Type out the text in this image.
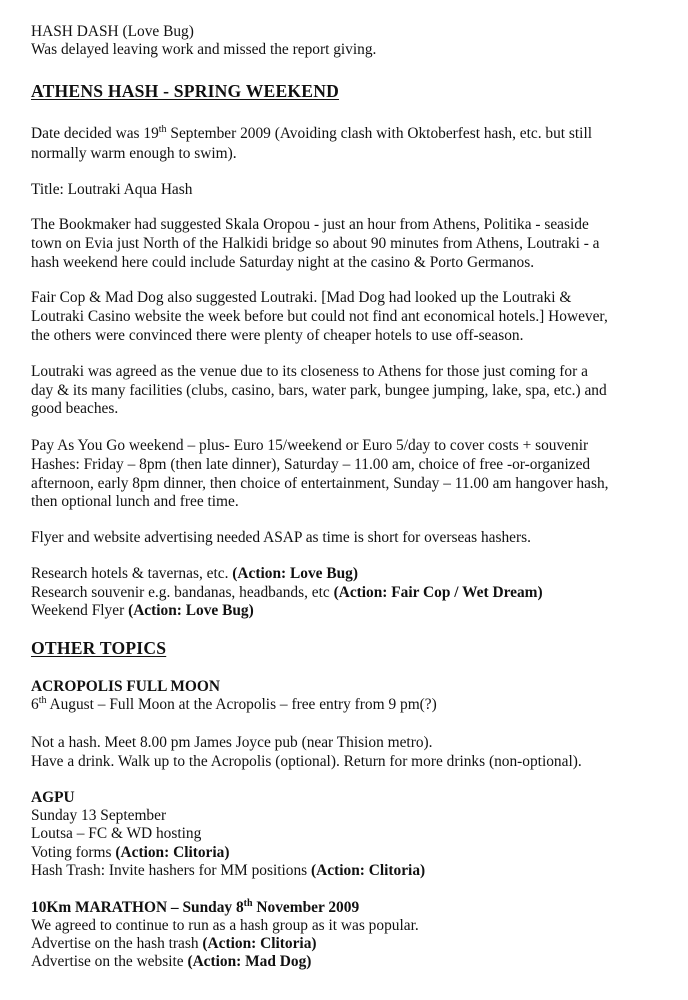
HASH DASH (Love Bug)
Was delayed leaving work and missed the report giving.
ATHENS HASH - SPRING WEEKEND
Date decided was 19th September 2009 (Avoiding clash with Oktoberfest hash, etc. but still
normally warm enough to swim).
Title: Loutraki Aqua Hash
The Bookmaker had suggested Skala Oropou - just an hour from Athens, Politika - seaside
town on Evia just North of the Halkidi bridge so about 90 minutes from Athens, Loutraki - a
hash weekend here could include Saturday night at the casino & Porto Germanos.
Fair Cop & Mad Dog also suggested Loutraki. [Mad Dog had looked up the Loutraki &
Loutraki Casino website the week before but could not find ant economical hotels.] However,
the others were convinced there were plenty of cheaper hotels to use off-season.
Loutraki was agreed as the venue due to its closeness to Athens for those just coming for a
day & its many facilities (clubs, casino, bars, water park, bungee jumping, lake, spa, etc.) and
good beaches.
Pay As You Go weekend – plus- Euro 15/weekend or Euro 5/day to cover costs + souvenir
Hashes: Friday – 8pm (then late dinner), Saturday – 11.00 am, choice of free -or-organized
afternoon, early 8pm dinner, then choice of entertainment, Sunday – 11.00 am hangover hash,
then optional lunch and free time.
Flyer and website advertising needed ASAP as time is short for overseas hashers.
Research hotels & tavernas, etc. (Action: Love Bug)
Research souvenir e.g. bandanas, headbands, etc (Action: Fair Cop / Wet Dream)
Weekend Flyer (Action: Love Bug)
OTHER TOPICS
ACROPOLIS FULL MOON
6th August – Full Moon at the Acropolis – free entry from 9 pm(?)
Not a hash. Meet 8.00 pm James Joyce pub (near Thision metro).
Have a drink. Walk up to the Acropolis (optional). Return for more drinks (non-optional).
AGPU
Sunday 13 September
Loutsa – FC & WD hosting
Voting forms (Action: Clitoria)
Hash Trash: Invite hashers for MM positions (Action: Clitoria)
10Km MARATHON – Sunday 8th November 2009
We agreed to continue to run as a hash group as it was popular.
Advertise on the hash trash (Action: Clitoria)
Advertise on the website (Action: Mad Dog)
